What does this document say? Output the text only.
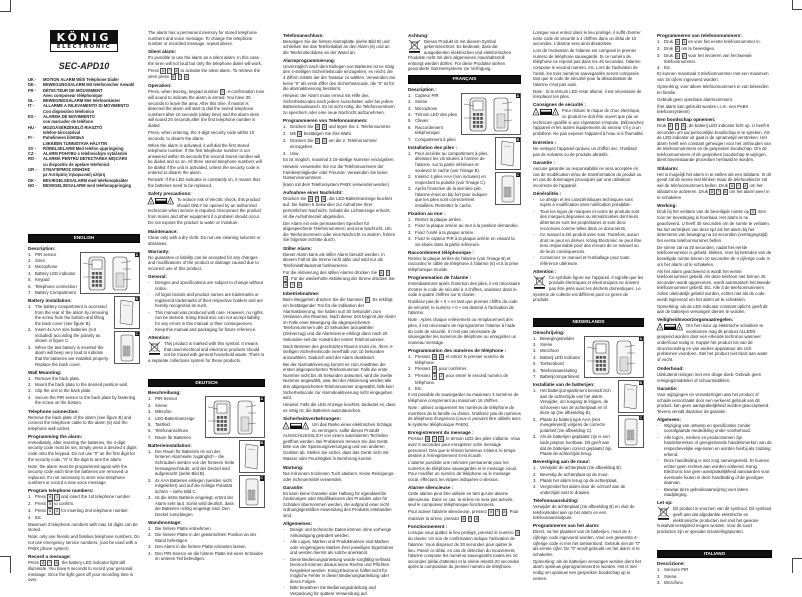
KÖNIG
ELECTRONIC
SEC-APD10
UK -	MOTION ALARM With Telephone Dialer
DE -	BEWEGUNGSALARM Mit telefonischer Anwahl
FR -	DÉTECTEUR DE MOUVEMENT
Avec composeur téléphonique
NL -	BEWEGINGSALARM Met telefoonkiezer
IT -	ALLARME A RILEVAMENTO DI MOVIMENTO
Con dispositivo telefonico
ES -	ALARMA DE MOVIMIENTO
con marcador de teléfono
HU -	MOZGÁSÉRZÉKELŐ RIASZTÓ
telefon-tárcsázóval
FI -	Puhelimeen liitettävä
LIIKKEEN TUNNISTAVA HÄLYTIN
SV -	RÖRELSELARM Med telefon uppringning
CZ -	ALARM POHYBU s telefonickým vytáčením
RO -	ALARMĂ PENTRU DETECTAREA MIŞCĂRII
cu dispozitiv de apelare telefonică
GR -	ΣΥΝΑΓΕΡΜΟΣ ΚΙΝΗΣΗΣ
με Αυτόματη τηλεφωνική κλήση
DK -	BEVÆGELSESALARM med telefonopkalder
NO -	BEVEGELSESALARM med telefonoppringing
ENGLISH
Description:
A
B
C
1. PIR sensor
2. Siren
3. Microphone
4. Battery LED indicator
5. Keypad
6. Telephone connection
7. Battery Compartment
Battery installation:
1. The battery compartment is accessed from the rear of the alarm by removing the screw from the bottom and lifting the back cover (see figure B).
2. Insert 4x AAA size batteries (not included) according the polarity as shown in figure C.
3. When the last battery is inserted the alarm will beep very loud to indicate that the batteries are installed properly. Replace the back cover.
Wall Mounting:
1. Remove the back plate.
2. Mount the back plate to the desired position wall.
3. Clip the unit to the back plate.
4. Secure the PIR sensor to the back plate by fastening the screw on the bottom.
Telephone connection:
Remove the back plate of the alarm (see figure B) and connect the telephone cable to the alarm (6) and the telephone wall socket.
Programming the alarm:
Immediately, after inserting the batteries, the 4-digit security code must be set, simply press a desired 4 digits code onto the keypad. Do not use “0” as the first digit for the security code, “0” is the digit to arm the alarm.
Note: the alarm must be programmed again with the security code each time the batteries are removed or replaced. It's not necessary to store new telephone numbers or record a new voice message.
Program telephone numbers:
1. Press # 1 and insert the 1st telephone number.
2. Press # to confirm.
3. Press # 2 for inserting 2nd telephone number.
4. Etc.
Maximum 3 telephone numbers with max 16 digits can be stored.
Note: only use friends and families telephone numbers. Do not use emergency service numbers. (can be used with a PABX phone system)
Record a message:
Press 8 * 8 , the battery LED indicator light will illuminate. You have 6 seconds to record your personal message. Once the light goes off your recording time is over.
The alarm has a permanent memory for stored telephone numbers and voice message. To change the telephone number or recorded message, repeat above.
Silent alarm:
It's possible to use the alarm as a silent alarm. In this case the siren will not loud but only the telephone dialer will work.
Press # * # to activate the silent alarm. To retrieve the siren press 8 * 8 .
Operation:
Press, when leaving, keypad number 0 . A confirmation tone will sound to indicate the alarm is armed. You have 30 seconds to leave the area. After this time, if motion is detected the alarm will start to dial the stored telephone numbers after 10 seconds (delay time) and the alarm siren will sound 20 seconds after the first telephone number is dialed.
Press, when entering, the 4-digit security code within 10 seconds, to disarm the alarm.
When the alarm is activated, it will dial the first stored telephone number. If the first telephone number is not answered within 45 seconds the second stored number will be dialed and so on. All three stored telephone numbers will be dialed if the unit is activated, unless the security code is entered to disarm the alarm.
Remark: If the LED indicator is constantly on, it means that the batteries need to be replaced.
Safety precautions:
!	! To reduce risk of electric shock, this product should ONLY be opened by an authorized technician when service is required. Disconnect the product from mains and other equipment if a problem should occur. Do not expose the product to water or moisture.
Maintenance:
Clean only with a dry cloth. Do not use cleaning solvents or abrasives.
Warranty:
No guarantee or liability can be accepted for any changes and modifications of the product or damage caused due to incorrect use of this product.
General:
-	Designs and specifications are subject to change without notice.
-	All logos brands and product names are trademarks or registered trademarks of their respective holders and are hereby recognized as such.
-	This manual was produced with care. However, no rights can be derived. König Electronic can not accept liability for any errors in this manual or their consequences.
-	Keep this manual and packaging for future reference.
Attention:
This product is marked with this symbol. It means that used electrical and electronic products should not be mixed with general household waste. There is a separate collections system for these products.
DEUTSCH
Beschreibung:
A
B
C
1. PIR-Sensor
2. Sirene
3. Mikrofon
4. LED-Batterieanzeige
5. Tastfeld
6. Telefonanschluss
7. Raum für Batterien
Batterieinstallation:
1. Der Raum für Batterien ist von der hinteren Alarmseite zugänglich – die Schrauben werden von der hinteren Seite herausgeschraubt, und der Deckel wird aufgemacht (siehe Bild B).
2. 4x AAA Batterien einlegen (werden nicht mitgeliefert) und auf die richtige Polarität achten – siehe Bild C.
3. Ist die letzte Batterie eingelegt, ertönt der Alarm sehr laut. Somit wird deutlich, dass die Batterien richtig eingelegt sind. Den Deckel zurücklegen.
Wandmontage:
1. Die hintere Platte entnehmen.
2. Die hintere Platte in der gewünschten Position an der Wand befestigen.
3. Den Alarm in die hintere Platte einrasten lassen.
4. Den PIR-Sensor an die hintere Platte mit einer Schraube im unteren Teil befestigen.
Telefonanschluss:
Beseitigen Sie die hintere Alarmplatte (siehe Bild B) und schließen Sie das Telefonkabel an den Alarm (6) und an die Telefonsteckdose an der Wand an.
Alarmprogrammierung:
Unverzüglich nach dem Einlegen von Batterien ist es nötig den 4-stelligen Sicherheitscode einzugeben, es reicht, die 4 Ziffern mittels der der Tastatur zu wählen. Verwenden Sie keine “0” als erste Ziffer des Sicherheitscode, die “0” ist für die alarmaktivierung bestimmt.
Hinweis: der Alarm muss erneut mit Hilfe des Sicherheitscodes nach jedem Ausschalten oder bei jedem Batterienaustausch. Es ist nicht nötig, die Telefonnummern zu speichern oder eine neue Nachricht aufzunehmen.
Programmieren von Telefonnummern:
1. Drücken Sie # 1 und legen Sie 1. Telefonnummer.
2. Mit # bestätigen Sie Ihre Wahl.
3. Drücken Sie # 2 um die 2. Telefonnummer einzugeben.
4. Usw.
Es ist möglich, maximal 3 16-stellige Nummer einzugeben.
Hinweis: verwenden Sie nur die Telefonnummern der Familienmitglieder oder Freunde. Verwenden Sie keine Notservicenummern.
(kann mit dem Telefonsystem PABX verwendet werden)
Aufnahme einer Nachricht:
Drücken Sie 8 * 8 , die LED-Batterieanzeige leuchtet auf. Sie haben 6 Sekunden zur Aufnahme Ihrer persönlichen Nachricht. Sobald die Lichtanzeige erlischt, ist die Aufnahmezeit abgelaufen.
Der Alarm ein eine permanenten Speicher für abgespeicherte Telefonnummern und eine Nachricht. Um die Telefonnummern oder eine Nachricht zu ändern, führen Sie folgende Schritte durch.
Stiller Alarm:
Dieser Alarm kann als stiller Alarm benutzt werden. In diesem Fall ist die Sirene nicht aktiv und wird nur als Telefonwählautomat funktionieren.
Für die Aktivierung des stillen Alarms drücken Sie # * # . Für die wiederholte Aktivierung der Sirene drücken Sie 8 * 8 .
Inbetriebnahme:
Beim Weggehen drücken Sie die Nummer 0 . Es erklingt ein bestätigender Ton für die Indikation der Alarmaktivierung. Sie haben nun 30 Sekunden zum Verlassen des Raumes. Nach dieser Zeit beginnt der Alarm im Falle einer Bewegung die abgespeicherten Telefonnummern alle 10 Sekunden anzuwählen (Zeitverzug) und die Alarmsirene erklingt dann nach 20 Sekunden seit der Anwahl der ersten Telefonnummer.
Nach Betreten des geschützten Raums muss ein, Ihren 4-stelligen Sicherheitscode innerhalb von 10 Sekunden anzuwählen. Dadurch wird der Alarm deaktiviert.
Bei der Alarmaktivierung kommt es zum Anwählen der ersten abgespeicherten Telefonnummer. Falls die erste Nummer nicht bis 45 Sekunden antwortet, wird die zweite Nummer angewählt, usw. Bei der Aktivierung werden alle drei abgespeicherten Telefonnummer angewählt, falls kein Sicherheitscode zur Alarmdeaktivierung nicht eingegeben wird.
Hinweis: Falls die LED-Anzeige leuchtet, bedeutet es, dass es nötig ist, die Batterien auszutauschen.
Sicherheitsvorkehrungen:
!	! Um das Risiko eines elektrischen Schlags zu verringern, sollte dieses Produkt AUSSCHLIESSLICH von einem autorisierten Techniker geöffnet werden. Bei Problemen trennen Sie das Gerät bitte von der Spannungsversorgung und von anderen Geräten ab. Stellen Sie sicher, dass das Gerät nicht mit Wasser oder Feuchtigkeit in Berührung kommt.
Wartung:
Nur mit einem trockenen Tuch säubern. Keine Reinigungs- oder Scheuermittel verwenden.
Garantie:
Es kann keine Garantie oder Haftung für irgendwelche Änderungen oder Modifikationen des Produkts oder für Schäden übernommen werden, die aufgrund einer nicht ordnungsgemäßen Anwendung des Produkts entstanden sind.
Allgemeines:
-	Design und technische Daten können ohne vorherige Ankündigung geändert werden.
-	Alle Logos, Marken und Produktnamen sind Marken oder eingetragene Marken ihrer jeweiligen Eigentümer und werden hiermit als solche anerkannt.
-	Diese Bedienungsanleitung wurde sorgfältig verfasst. Dennoch können daraus keine Rechte und Pflichten hergeleitet werden. König Electronic haftet nicht für mögliche Fehler in dieser Bedienungsanleitung oder deren Folgen.
-	Bitte bewahren Sie Bedienungsanleitung und Verpackung für spätere Verwendung auf.
Achtung:
Dieses Produkt ist mit diesem Symbol gekennzeichnet. Es bedeutet, dass die ausgedienten elektrischen und elektronischen Produkte nicht mit dem allgemeinen Haushaltsmüll entsorgt werden dürfen. Für diese Produkte stehen gesonderte Sammelsysteme zur Verfügung.
FRANÇAIS
Description :
A
B
C
1. Capteur PIR
2. Sirène
3. Microphone
4. Témoin LED des piles
5. Clavier
6. Raccordement téléphonique
7. Compartiment à piles
Installation des piles :
1. Pour accéder au compartiment à piles, dévissez les vis situées à l'arrière de l'alarme, sur la partie inférieure et soulevez le cache (voir l'image B).
2. Insérez 4 piles AAA (non incluses) en respectant la polarité (voir l'image C).
3. Après l'insertion de la dernière pile, l'alarme émet un bip fort pour indiquer que les piles sont correctement installées. Remettez le cache.
Fixation au mur :
1. Retirez la plaque arrière.
2. Fixez la plaque arrière au mur à la position demandée.
3. Fixez l'unité à la plaque arrière.
4. Fixez le capteur PIR à la plaque arrière en vissant la vis située dans la partie inférieure.
Raccordement téléphonique :
Retirez la plaque arrière de l'alarme (voir l'image B) et raccordez le câble de téléphone à l'alarme (6) et à la prise téléphonique murale.
Programmation de l'alarme :
Immédiatement après l'insertion des piles, il est nécessaire d'entrer le code de sécurité à 4 chiffres, saisissez dans le code à quatre chiffres sur le clavier.
N'utilisez pas de « 0 » en tant que premier chiffre du code de sécurité, le numéro « 0 » est destiné à l'activation de l'alarme.
Note : Après chaque enlèvement ou remplacement des piles, il est nécessaire de reprogrammer l'alarme à l'aide du code de sécurité. Il n'est pas nécessaire de sauvegarder les numéros de téléphone ou enregistrer un nouveau message.
Programmation des numéros de téléphone :
1. Pressez # 1 et entrez le premier numéro de téléphone.
2. Pressez # pour confirmer.
3. Pressez # 2 pour entrer le second numéro de téléphone.
4. Etc.
Il est possible de sauvegarder au maximum 3 numéros de téléphone comprenant au maximum 16 chiffres.
Note : utilisez uniquement les numéros de téléphone de membres de la famille ou d'amis. N'utilisez pas de numéros de téléphone d'urgences (ceux-ci peuvent être utilisés avec le système téléphonique PABX).
Enregistrement du message :
Pressez 8 * 8 , le témoin LED des piles s'allume. Vous avez 6 secondes pour enregistrer votre message personnel. Dès que le témoin lumineux s'éteint, le temps destiné à l'enregistrement s'est écoulé.
L'alarme possède une mémoire permanente pour les numéros de téléphone sauvegardés et le message vocal. Pour modifier un numéro de téléphone ou le message vocal, effectuez les étapes indiquées ci-dessus.
Alarme silencieuse :
Cette alarme peut être utilisée en tant qu'une alarme silencieuse. Dans ce cas, la sirène ne sera pas activée, seul le composeur téléphonique fonctionnera.
Pour activer l'alarme silencieuse, pressez # * # . Pour réactiver la sirène, pressez 8 * 8 .
Fonctionnement :
Lorsque vous quittez le lieu protégé, pressez le numéro 0 du clavier. Un son de confirmation indique l'activation de l'alarme. Vous disposez de 30 secondes pour quitter le lieu. Passé ce délai, en cas de détection du mouvement, l'alarme compose les numéros sauvegardés toutes les 10 secondes (délai d'attente) et la sirène retentit 20 secondes après la composition du premier numéro de téléphone.
Lorsque vous entrez dans le lieu protégé, il suffit d'entrer votre code de sécurité à 4 chiffres dans un délai de 10 secondes. L'alarme sera ainsi désactivée.
Lors de l'activation de l'alarme est composé le premier numéro de téléphone sauvegardé. Si ce numéro de téléphone ne répond pas dans les 45 secondes, l'alarme compose le second numéro, etc. Lors de l'activation de l'unité, les trois numéros sauvegardés seront composés tant que le code de sécurité pour la désactivation de l'alarme n'est pas saisi.
Note : Si le témoin LED reste allumé, il est nécessaire de remplacer les piles.
Consignes de sécurité :
!	! Pour réduire le risque de choc électrique, ce produit ne doit être ouvert que par un technicien qualifié si une réparation s'impose. Débranchez l'appareil et les autres équipements du secteur s'il y a un problème. Ne pas exposer l'appareil à l'eau ni à l'humidité.
Entretien :
Ne nettoyez l'appareil qu'avec un chiffon sec. N'utilisez pas de solvants ou de produits abrasifs.
Garantie :
Aucune garantie ou responsabilité ne sera acceptée en cas de modification et/ou de transformation du produit ou en cas de dommages provoqués par une utilisation incorrecte de l'appareil.
Généralités :
-	Le design et les caractéristiques techniques sont sujets à modification sans notification préalable.
-	Tous les logos de marques et noms de produits sont des marques déposées ou immatriculées dont leurs détenteurs sont les propriétaires et sont donc reconnues comme telles dans ce documents.
-	Ce manuel a été produit avec soin. Toutefois, aucun droit ne peut en dériver. König Electronic ne peut être tenu responsable pour des erreurs de ce manuel ou de leurs conséquences.
-	Conservez ce manuel et l'emballage pour toute référence ultérieure.
Attention :
Ce symbole figure sur l'appareil. Il signifie que les produits électriques et électroniques ne doivent pas être jetés avec les déchets domestiques. Le système de collecte est différent pour ce genre de produits.
NEDERLANDS
Omschrijving:
A
B
C
1. Bewegingsmelder
2. Sirene
3. Microfoon
4. Batterij LED indicator
5. Toetsenbord
6. Telefoonaansluiting
7. Batterijcompartiment
Installatie van de batterijen:
1. Het batterijcompartiment bevindt zich aan de achterzijde van het alarm. Verwijder, om toegang te krijgen, de schroeven van de achterplaat en til deze op (zie afbeelding B).
2. Plaats 4x batterij type AAA (niet meegeleverd) volgens de correcte polariteit (zie afbeelding C).
3. Als de batterijen geplaatst zijn is een luide piepton hoorbaar. Dit geeft aan dat de batterijen correct geplaatst zijn. Plaats de achterzijde terug.
Bevestiging aan de muur:
1. Verwijder de achterplaat (zie afbeelding B).
2. Bevestig de achterplaat op de muur.
3. Plaats het alarm terug op de achterplaat.
4. Vergrendel het alarm door de schroef aan de onderzijde vast te draaien.
Telefoonaansluiting:
Verwijder de achterplaat (zie afbeelding B) en sluit de telefoonkabel aan op het alarm en een telefoonaansluitpunt.
Programmeren van het alarm:
Direct, na het plaatsen van de batterijen, moet de 4-cijferige code ingevoerd worden. Voer een gewenste 4-cijferige code in met het toetsenbord. Gebruik niet de “0” als eerste cijfer. De “0” wordt gebruikt om het alarm in te schakelen.
Opmerking: als de batterijen vervangen worden dient het alarm opnieuw geprogrammeerd te worden. Het is niet nodig om opnieuw een gesproken boodschap op te nemen.
Programmeren van telefoonnummers:
1. Druk # 1 en voer het eerste telefoonnummer in.
2. Druk # om te bevestigen.
3. Druk # 2 voor het invoeren van het tweede telefoonnummer.
4. Etc.
Er kunnen maximaal 3 telefoonnummer met een maximum van 16 cijfers ingevoerd worden.
Opmerking: voer alleen telefoonnummers in van bekenden en familie.
Gebruik geen openbare alarmnummers.
(het alarm kan gebruikt worden i.c.m. een PABX telefoonsysteem)
Een boodschap opnemen:
Druk 8 * 8 , de batterij LED indicator licht op. U heeft 6 seconden om uw persoonlijke boodschap in te spreken. Als de LED indicator uit gaat is de opnametijd verstreken. Het alarm heeft een constant geheugen voor het onthouden van de telefoonnummers en de gesproken boodschap. Om de telefoonnummers of de gesproken boodschap te wijzigen, dient bovenstaande procedure herhaald te worden.
Stilalarm:
Het is mogelijk het alarm in te stellen als een stilalarm. In dit geval zal de sirene niet klinken maar de telefoonkiezer zal wel de telefoonnummers bellen. Druk # * # om het stilalarm te activeren. Druk 8 * 8 om het alarm weer in te schakelen.
Werking:
Druk bij het verlaten van de beveiligde ruimte op 0 . Een toon ter bevestiging is hoorbaar. Het alarm is nu geactiveerd. U heeft 30 seconden om de ruimte te verlaten. Na het verstrijken van deze tijd zal het alarm bij het detecteren van beweging na 10 seconden (vertragingstijd) het eerste telefoonnummer bellen.
De sirene zal na 20 seconden, nadat het eerste telefoonnummer is gebeld, klinken. Voer bij betreden van de beveiligde ruimte binnen 10 seconden de 4 cijferige code in om het alarm uit te schakelen.
Als het alarm geactiveerd is wordt het eerste telefoonnummer gebeld. Als deze telefoon niet binnen 45 seconden wordt opgenomen, wordt automatisch het tweede telefoonnummer gebeld. Etc. Alle 3 de telefoonnummers zullen uiteindelijk gebeld worden, echter niet als de code wordt ingevoerd om het alarm uit te schakelen.
Opmerking: als de LED indicator constant oplicht, geeft dit aan de batterijen vervangen dienen te worden.
Veiligheidsvoorzorgsmaatregelen:
!	! Om het risico op elektrische schokken te voorkomen mag dit product ALLEEN geopend worden door een erkende technicus wanneer onderhoud nodig is. Koppel het product los van de stroomvoeding en van andere apparatuur als zich problemen voordoen. Stel het product niet bloot aan water of vocht.
Onderhoud:
Uitsluitend reinigen met een droge doek. Gebruik geen reinigingsmiddelen of schuurmiddelen.
Garantie:
Voor wijzigingen en veranderingen aan het product of schade veroorzaakt door een verkeerd gebruik van dit product, kan geen aansprakelijkheid worden geaccepteerd. Tevens vervalt daardoor de garantie.
Algemeen:
-	Wijziging van ontwerp en specificaties zonder voorafgaande mededeling onder voorbehoud.
-	Alle logo's, merken en productnamen zijn handelsmerken of geregistreerde handelsmerken van de respectievelijke eigenaren en worden hierbij als zodanig erkend.
-	Deze handleiding is met zorg samengesteld. Er kunnen echter geen rechten aan worden ontleend. König Electronic kan geen aansprakelijkheid aanvaarden voor eventuele fouten in deze handleiding of de gevolgen daarvan.
-	Bewaar deze gebruiksaanwijzing voor latere raadpleging.
Let op:
Dit product is voorzien van dit symbool. Dit symbool geeft aan dat afgedankte elektrische en elektronische producten niet met het gewone huisafval verwijderd mogen worden. Voor dit soort producten zijn er speciale inzamelingspunten.
ITALIANO
Descrizione:
1. Sensore PIR
2. Sirena
3. Microfono
